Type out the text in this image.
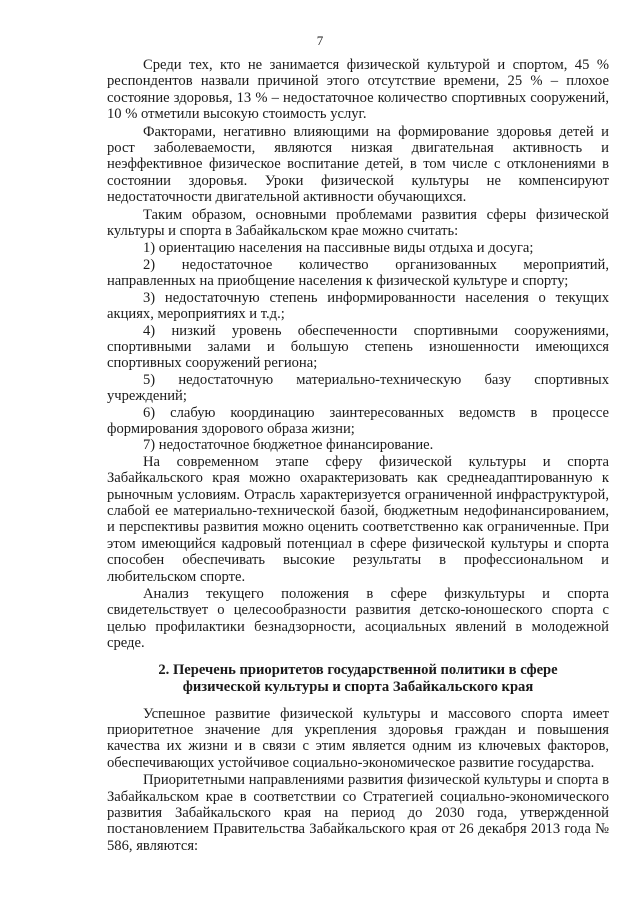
7

Среди тех, кто не занимается физической культурой и спортом, 45 % респондентов назвали причиной этого отсутствие времени, 25 % – плохое состояние здоровья, 13 % – недостаточное количество спортивных сооружений, 10 % отметили высокую стоимость услуг.

Факторами, негативно влияющими на формирование здоровья детей и рост заболеваемости, являются низкая двигательная активность и неэффективное физическое воспитание детей, в том числе с отклонениями в состоянии здоровья. Уроки физической культуры не компенсируют недостаточности двигательной активности обучающихся.

Таким образом, основными проблемами развития сферы физической культуры и спорта в Забайкальском крае можно считать:

1) ориентацию населения на пассивные виды отдыха и досуга;
2) недостаточное количество организованных мероприятий, направленных на приобщение населения к физической культуре и спорту;
3) недостаточную степень информированности населения о текущих акциях, мероприятиях и т.д.;
4) низкий уровень обеспеченности спортивными сооружениями, спортивными залами и большую степень изношенности имеющихся спортивных сооружений региона;
5) недостаточную материально-техническую базу спортивных учреждений;
6) слабую координацию заинтересованных ведомств в процессе формирования здорового образа жизни;
7) недостаточное бюджетное финансирование.

На современном этапе сферу физической культуры и спорта Забайкальского края можно охарактеризовать как среднеадаптированную к рыночным условиям. Отрасль характеризуется ограниченной инфраструктурой, слабой ее материально-технической базой, бюджетным недофинансированием, и перспективы развития можно оценить соответственно как ограниченные. При этом имеющийся кадровый потенциал в сфере физической культуры и спорта способен обеспечивать высокие результаты в профессиональном и любительском спорте.

Анализ текущего положения в сфере физкультуры и спорта свидетельствует о целесообразности развития детско-юношеского спорта с целью профилактики безнадзорности, асоциальных явлений в молодежной среде.

2. Перечень приоритетов государственной политики в сфере
физической культуры и спорта Забайкальского края

Успешное развитие физической культуры и массового спорта имеет приоритетное значение для укрепления здоровья граждан и повышения качества их жизни и в связи с этим является одним из ключевых факторов, обеспечивающих устойчивое социально-экономическое развитие государства.

Приоритетными направлениями развития физической культуры и спорта в Забайкальском крае в соответствии со Стратегией социально-экономического развития Забайкальского края на период до 2030 года, утвержденной постановлением Правительства Забайкальского края от 26 декабря 2013 года № 586, являются:
